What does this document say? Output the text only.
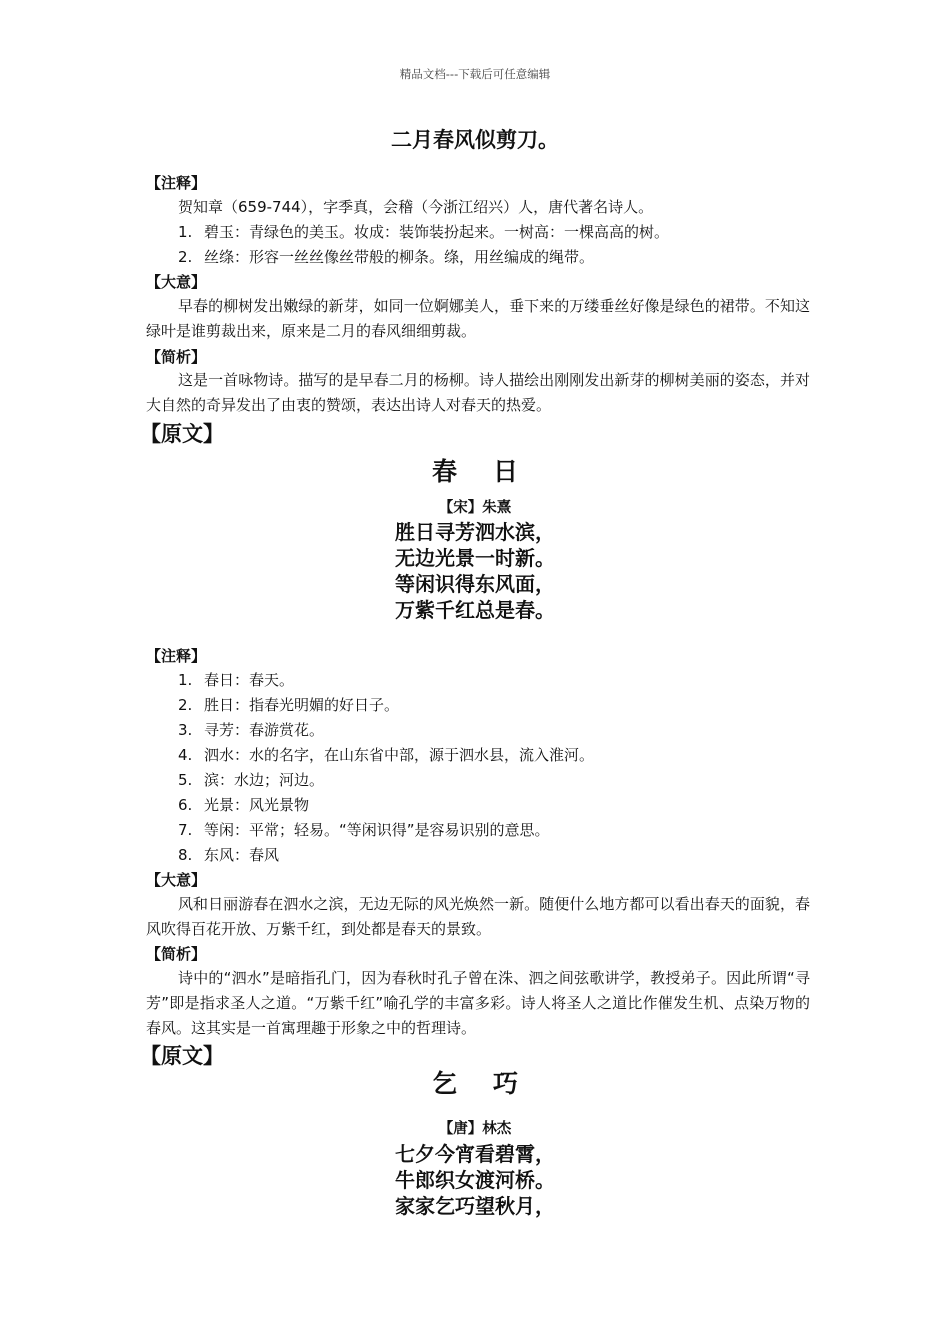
精品文档---下载后可任意编辑
二月春风似剪刀。
【注释】
贺知章（659-744），字季真，会稽（今浙江绍兴）人，唐代著名诗人。
1. 碧玉：青绿色的美玉。妆成：装饰装扮起来。一树高：一棵高高的树。
2. 丝绦：形容一丝丝像丝带般的柳条。绦，用丝编成的绳带。
【大意】
早春的柳树发出嫩绿的新芽，如同一位婀娜美人，垂下来的万缕垂丝好像是绿色的裙带。不知这绿叶是谁剪裁出来，原来是二月的春风细细剪裁。
【简析】
这是一首咏物诗。描写的是早春二月的杨柳。诗人描绘出刚刚发出新芽的柳树美丽的姿态，并对大自然的奇异发出了由衷的赞颂，表达出诗人对春天的热爱。
【原文】
春日
【宋】朱熹
胜日寻芳泗水滨，
无边光景一时新。
等闲识得东风面，
万紫千红总是春。
【注释】
1. 春日：春天。
2. 胜日：指春光明媚的好日子。
3. 寻芳：春游赏花。
4. 泗水：水的名字，在山东省中部，源于泗水县，流入淮河。
5. 滨：水边；河边。
6. 光景：风光景物
7. 等闲：平常；轻易。“等闲识得”是容易识别的意思。
8. 东风：春风
【大意】
风和日丽游春在泗水之滨，无边无际的风光焕然一新。随便什么地方都可以看出春天的面貌，春风吹得百花开放、万紫千红，到处都是春天的景致。
【简析】
诗中的“泗水”是暗指孔门，因为春秋时孔子曾在洙、泗之间弦歌讲学，教授弟子。因此所谓“寻芳”即是指求圣人之道。“万紫千红”喻孔学的丰富多彩。诗人将圣人之道比作催发生机、点染万物的春风。这其实是一首寓理趣于形象之中的哲理诗。
【原文】
乞巧
【唐】林杰
七夕今宵看碧霄，
牛郎织女渡河桥。
家家乞巧望秋月，
